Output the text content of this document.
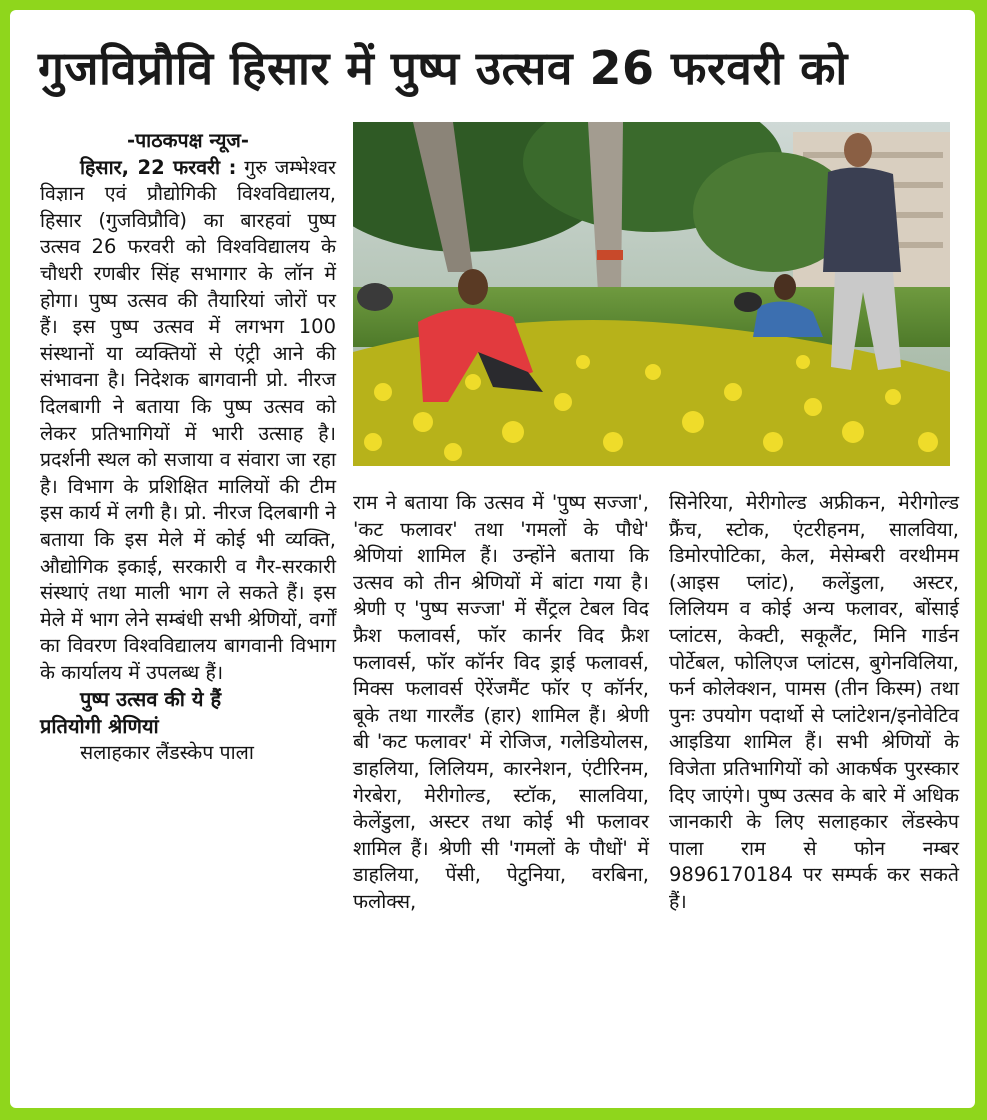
गुजविप्रौवि हिसार में पुष्प उत्सव 26 फरवरी को

-पाठकपक्ष न्यूज-

हिसार, 22 फरवरी : गुरु जम्भेश्वर विज्ञान एवं प्रौद्योगिकी विश्वविद्यालय, हिसार (गुजविप्रौवि) का बारहवां पुष्प उत्सव 26 फरवरी को विश्वविद्यालय के चौधरी रणबीर सिंह सभागार के लॉन में होगा। पुष्प उत्सव की तैयारियां जोरों पर हैं। इस पुष्प उत्सव में लगभग 100 संस्थानों या व्यक्तियों से एंट्री आने की संभावना है। निदेशक बागवानी प्रो. नीरज दिलबागी ने बताया कि पुष्प उत्सव को लेकर प्रतिभागियों में भारी उत्साह है। प्रदर्शनी स्थल को सजाया व संवारा जा रहा है। विभाग के प्रशिक्षित मालियों की टीम इस कार्य में लगी है। प्रो. नीरज दिलबागी ने बताया कि इस मेले में कोई भी व्यक्ति, औद्योगिक इकाई, सरकारी व गैर-सरकारी संस्थाएं तथा माली भाग ले सकते हैं। इस मेले में भाग लेने सम्बंधी सभी श्रेणियों, वर्गों का विवरण विश्वविद्यालय बागवानी विभाग के कार्यालय में उपलब्ध हैं।

पुष्प उत्सव की ये हैं

प्रतियोगी श्रेणियां

सलाहकार लैंडस्केप पाला

राम ने बताया कि उत्सव में 'पुष्प सज्जा', 'कट फलावर' तथा 'गमलों के पौधे' श्रेणियां शामिल हैं। उन्होंने बताया कि उत्सव को तीन श्रेणियों में बांटा गया है। श्रेणी ए 'पुष्प सज्जा' में सैंट्रल टेबल विद फ्रैश फलावर्स, फॉर कार्नर विद फ्रैश फलावर्स, फॉर कॉर्नर विद ड्राई फलावर्स, मिक्स फलावर्स ऐरेंजमैंट फॉर ए कॉर्नर, बूके तथा गारलैंड (हार) शामिल हैं। श्रेणी बी 'कट फलावर' में रोजिज, गलेडियोलस, डाहलिया, लिलियम, कारनेशन, एंटीरिनम, गेरबेरा, मेरीगोल्ड, स्टॉक, सालविया, केलेंडुला, अस्टर तथा कोई भी फलावर शामिल हैं। श्रेणी सी 'गमलों के पौधों' में डाहलिया, पेंसी, पेटुनिया, वरबिना, फलोक्स,

सिनेरिया, मेरीगोल्ड अफ्रीकन, मेरीगोल्ड फ्रैंच, स्टोक, एंटरीहनम, सालविया, डिमोरपोटिका, केल, मेसेम्बरी वरथीमम (आइस प्लांट), कलेंडुला, अस्टर, लिलियम व कोई अन्य फलावर, बोंसाई प्लांटस, केक्टी, सकूलैंट, मिनि गार्डन पोर्टेबल, फोलिएज प्लांटस, बुगेनविलिया, फर्न कोलेक्शन, पामस (तीन किस्म) तथा पुनः उपयोग पदार्थो से प्लांटेशन/इनोवेटिव आइडिया शामिल हैं। सभी श्रेणियों के विजेता प्रतिभागियों को आकर्षक पुरस्कार दिए जाएंगे। पुष्प उत्सव के बारे में अधिक जानकारी के लिए सलाहकार लेंडस्केप पाला राम से फोन नम्बर 9896170184 पर सम्पर्क कर सकते हैं।
